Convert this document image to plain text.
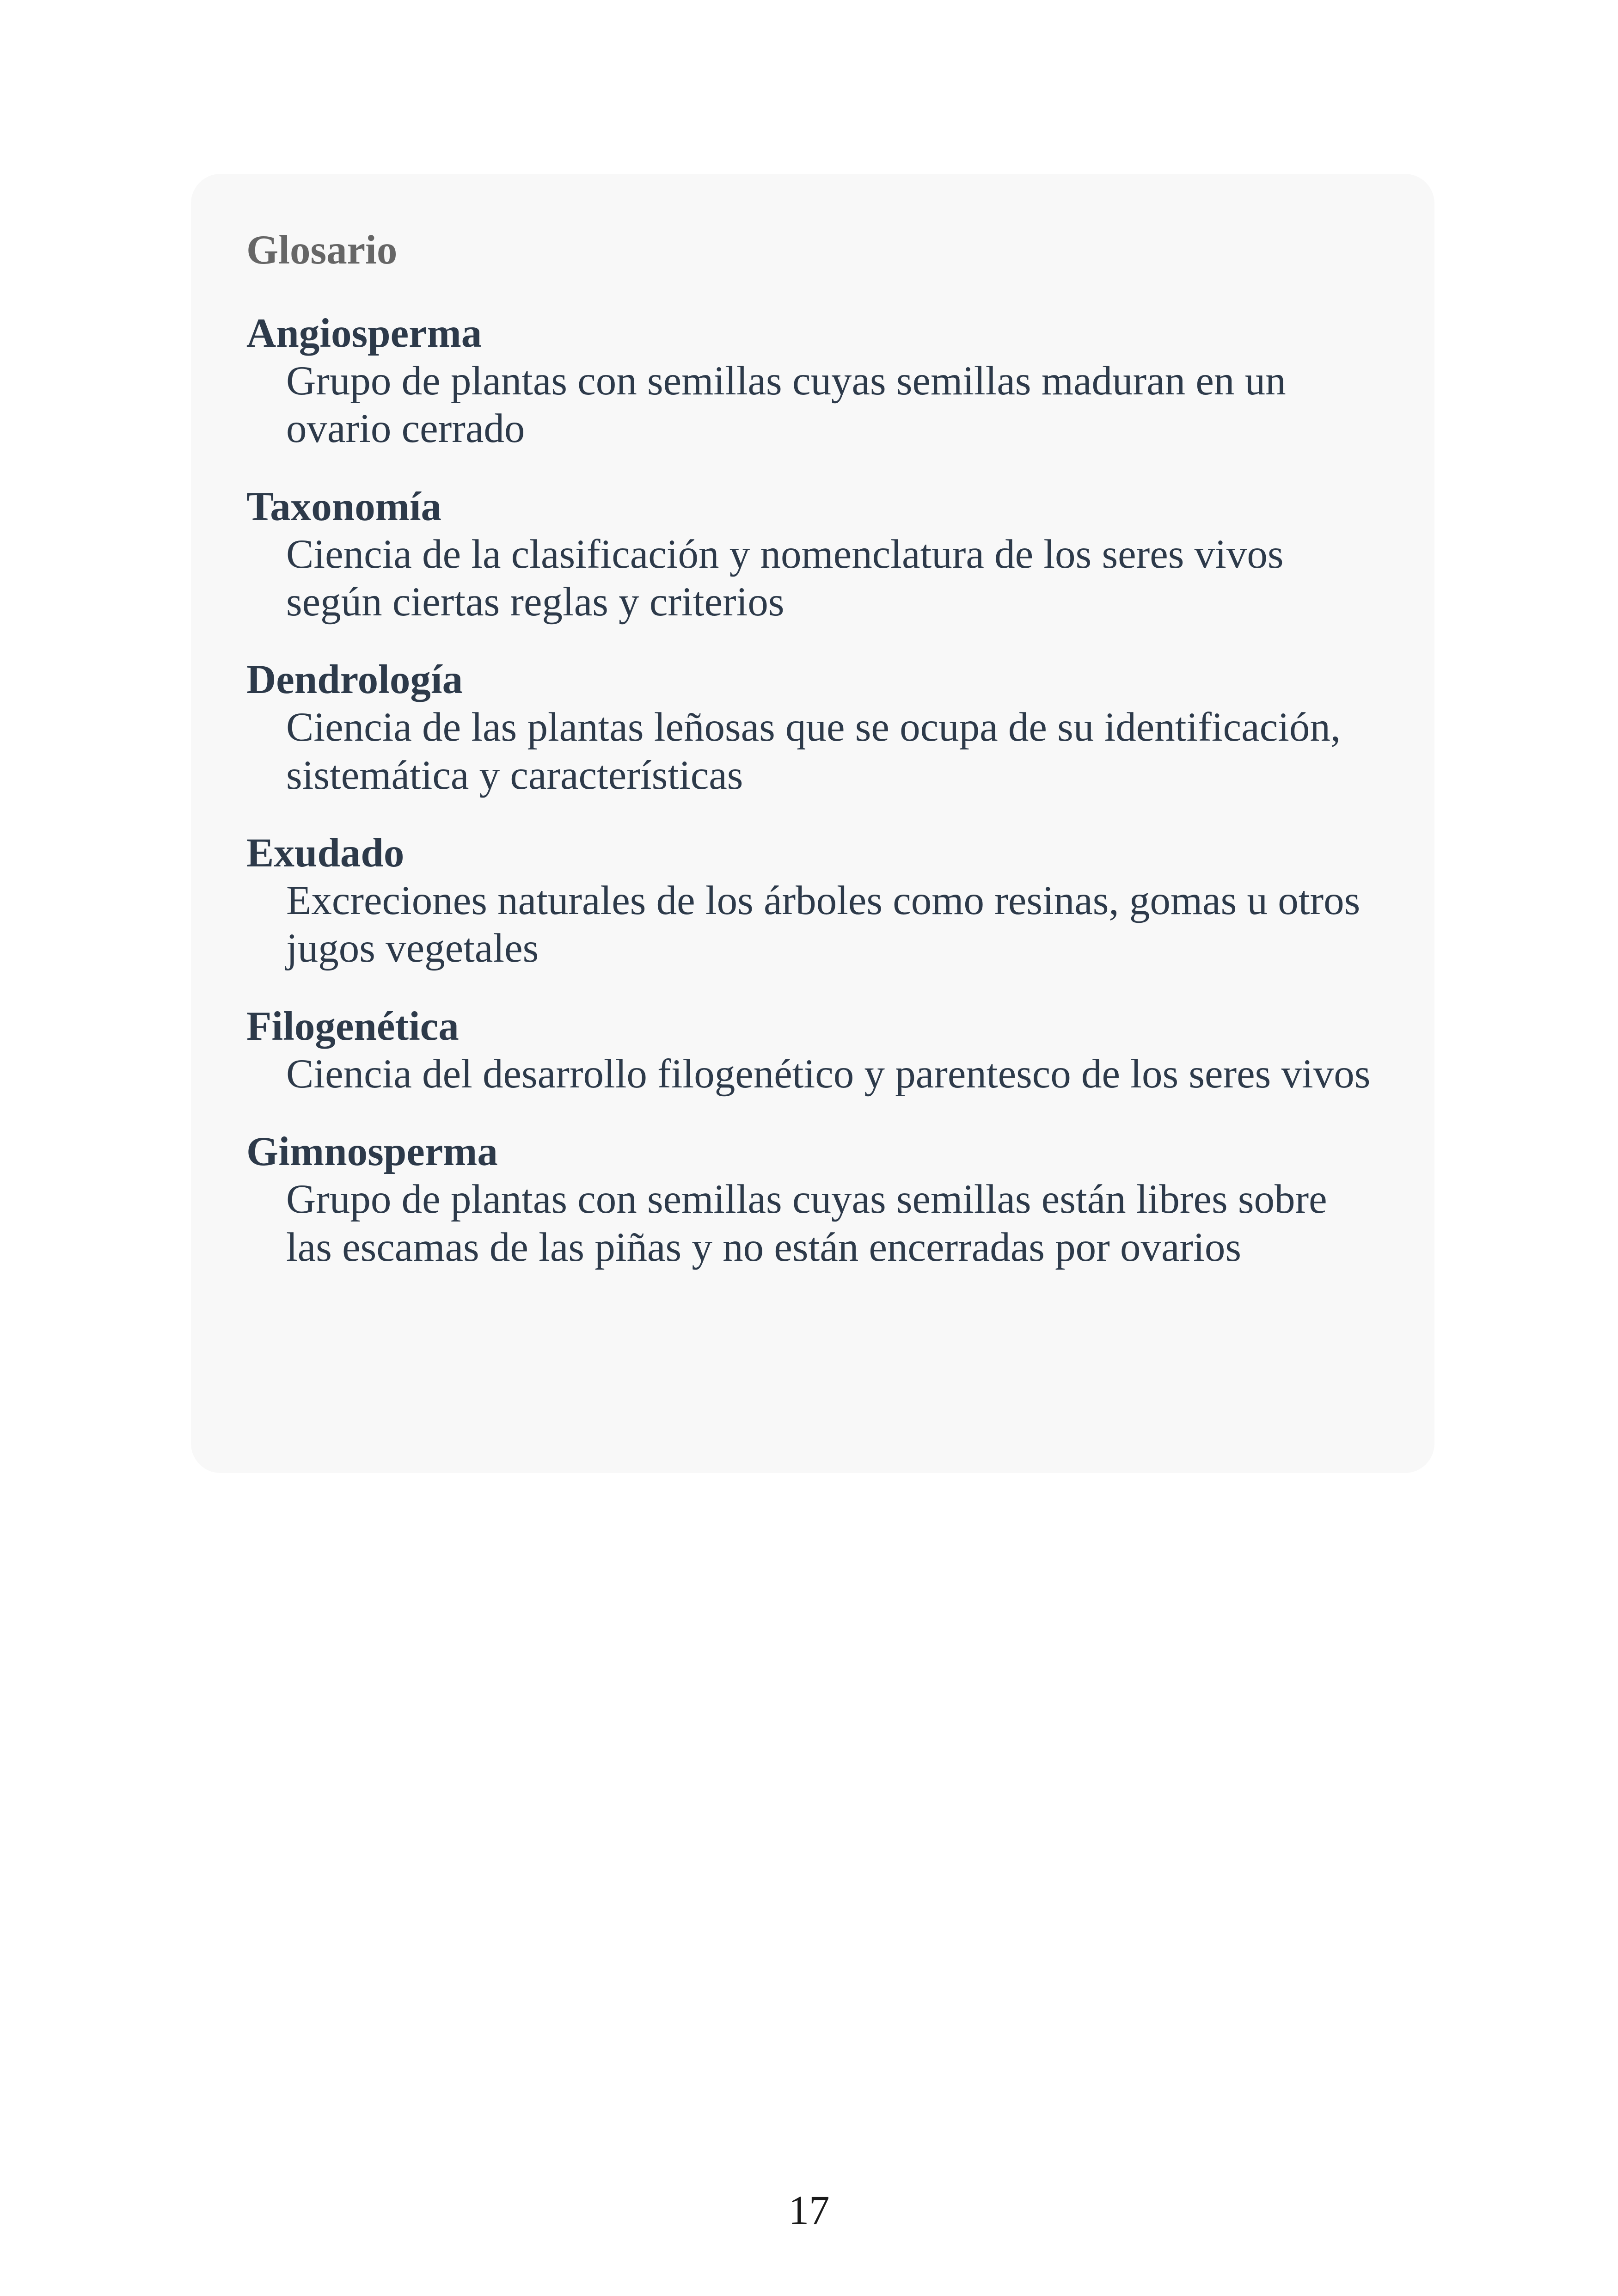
Glosario
Angiosperma
Grupo de plantas con semillas cuyas semillas maduran en un ovario cerrado
Taxonomía
Ciencia de la clasificación y nomenclatura de los seres vivos según ciertas reglas y criterios
Dendrología
Ciencia de las plantas leñosas que se ocupa de su identificación, sistemática y características
Exudado
Excreciones naturales de los árboles como resinas, gomas u otros jugos vegetales
Filogenética
Ciencia del desarrollo filogenético y parentesco de los seres vivos
Gimnosperma
Grupo de plantas con semillas cuyas semillas están libres sobre las escamas de las piñas y no están encerradas por ovarios
17
